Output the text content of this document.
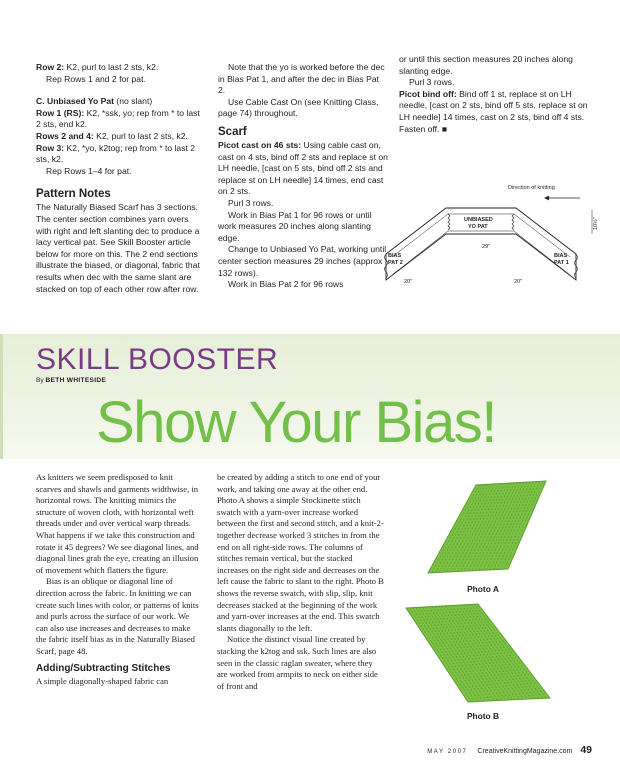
Row 2: K2, purl to last 2 sts, k2.

Rep Rows 1 and 2 for pat.

C. Unbiased Yo Pat (no slant)

Row 1 (RS): K2, *ssk, yo; rep from * to last 2 sts, end k2.

Rows 2 and 4: K2, purl to last 2 sts, k2.

Row 3: K2, *yo, k2tog; rep from * to last 2 sts, k2.

Rep Rows 1–4 for pat.

Pattern Notes

The Naturally Biased Scarf has 3 sections. The center section combines yarn overs with right and left slanting dec to produce a lacy vertical pat. See Skill Booster article below for more on this. The 2 end sections illustrate the biased, or diagonal, fabric that results when dec with the same slant are stacked on top of each other row after row.

Note that the yo is worked before the dec in Bias Pat 1, and after the dec in Bias Pat 2.

Use Cable Cast On (see Knitting Class, page 74) throughout.

Scarf

Picot cast on 46 sts: Using cable cast on, cast on 4 sts, bind off 2 sts and replace st on LH needle, [cast on 5 sts, bind off 2 sts and replace st on LH needle] 14 times, end cast on 2 sts.

Purl 3 rows.

Work in Bias Pat 1 for 96 rows or until work measures 20 inches along slanting edge.

Change to Unbiased Yo Pat, working until center section measures 29 inches (approx 132 rows).

Work in Bias Pat 2 for 96 rows

or until this section measures 20 inches along slanting edge.

Purl 3 rows.

Picot bind off: Bind off 1 st, replace st on LH needle, [cast on 2 sts, bind off 5 sts, replace st on LH needle] 14 times, cast on 2 sts, bind off 4 sts. Fasten off. ■

Direction of knitting
10½"
UNBIASED
YO PAT
29"
BIAS
PAT 2
BIAS
PAT 1
20"	20"
SKILL BOOSTER
By BETH WHITESIDE
Show Your Bias!

As knitters we seem predisposed to knit scarves and shawls and garments widthwise, in horizontal rows. The knitting mimics the structure of woven cloth, with horizontal weft threads under and over vertical warp threads. What happens if we take this construction and rotate it 45 degrees? We see diagonal lines, and diagonal lines grab the eye, creating an illusion of movement which flatters the figure.

Bias is an oblique or diagonal line of direction across the fabric. In knitting we can create such lines with color, or patterns of knits and purls across the surface of our work. We can also use increases and decreases to make the fabric itself bias as in the Naturally Biased Scarf, page 48.

Adding/Subtracting Stitches

A simple diagonally-shaped fabric can

be created by adding a stitch to one end of your work, and taking one away at the other end. Photo A shows a simple Stockinette stitch swatch with a yarn-over increase worked between the first and second stitch, and a knit-2-together decrease worked 3 stitches in from the end on all right-side rows. The columns of stitches remain vertical, but the stacked increases on the right side and decreases on the left cause the fabric to slant to the right. Photo B shows the reverse swatch, with slip, slip, knit decreases stacked at the beginning of the work and yarn-over increases at the end. This swatch slants diagonally to the left.

Notice the distinct visual line created by stacking the k2tog and ssk. Such lines are also seen in the classic raglan sweater, where they are worked from armpits to neck on either side of front and

Photo A
Photo B
MAY 2007 CreativeKnittingMagazine.com 49
